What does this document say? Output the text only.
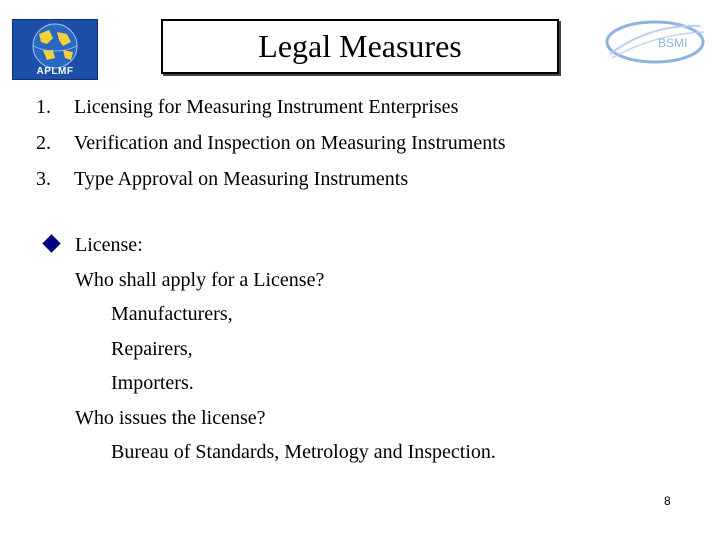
APLMF
Legal Measures	BSMI
1. Licensing for Measuring Instrument Enterprises
2. Verification and Inspection on Measuring Instruments
3. Type Approval on Measuring Instruments
License:
Who shall apply for a License?
Manufacturers,
Repairers,
Importers.
Who issues the license?
Bureau of Standards, Metrology and Inspection.
8
